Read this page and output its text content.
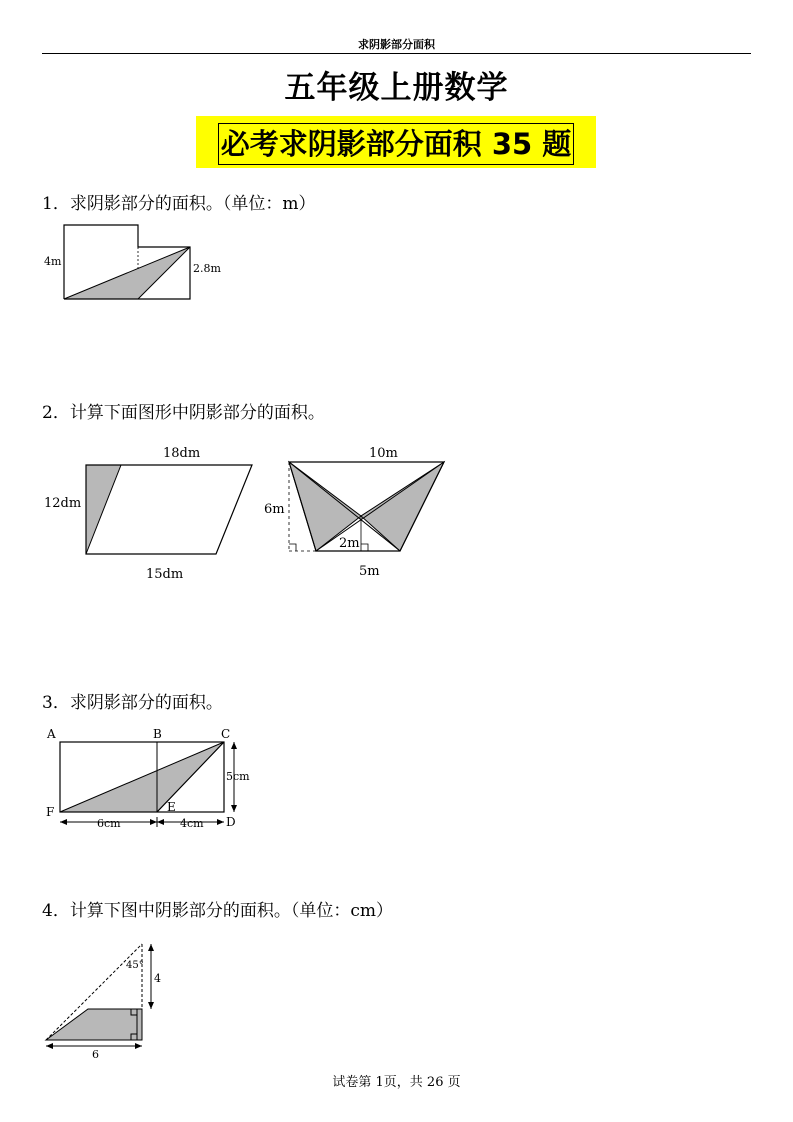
求阴影部分面积
五年级上册数学
必考求阴影部分面积 35 题
1．求阴影部分的面积。（单位：m）
4m
2.8m
2．计算下面图形中阴影部分的面积。
18dm
12dm
15dm
10m
6m
2m
5m
3．求阴影部分的面积。
A	B	C
D
E
F
5cm
6cm	4cm
4．计算下图中阴影部分的面积。（单位：cm）
45°
4
6
试卷第 1页，共 26 页
